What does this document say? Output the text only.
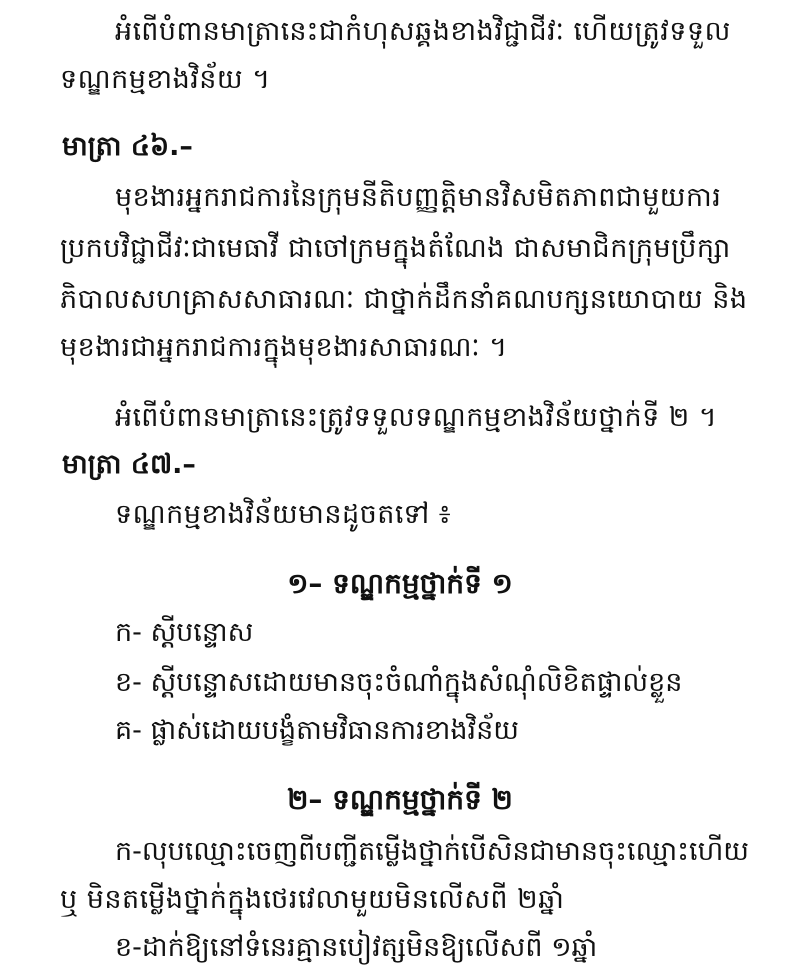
អំពើបំពានមាត្រានេះជាកំហុសឆ្គងខាងវិជ្ជាជីវៈ ហើយត្រូវទទួល
ទណ្ឌកម្មខាងវិន័យ ។
មាត្រា ៤៦.–
មុខងារអ្នករាជការនៃក្រុមនីតិបញ្ញត្តិមានវិសមិតភាពជាមួយការ
ប្រកបវិជ្ជាជីវៈជាមេធាវី ជាចៅក្រមក្នុងតំណែង ជាសមាជិកក្រុមប្រឹក្សា
ភិបាលសហគ្រាសសាធារណៈ ជាថ្នាក់ដឹកនាំគណបក្សនយោបាយ និង
មុខងារជាអ្នករាជការក្នុងមុខងារសាធារណៈ ។
អំពើបំពានមាត្រានេះត្រូវទទួលទណ្ឌកម្មខាងវិន័យថ្នាក់ទី ២ ។
មាត្រា ៤៧.–
ទណ្ឌកម្មខាងវិន័យមានដូចតទៅ ៖
១– ទណ្ឌកម្មថ្នាក់ទី ១
ក- ស្តីបន្ទោស
ខ- ស្តីបន្ទោសដោយមានចុះចំណាំក្នុងសំណុំលិខិតផ្ទាល់ខ្លួន
គ- ផ្លាស់ដោយបង្ខំតាមវិធានការខាងវិន័យ
២– ទណ្ឌកម្មថ្នាក់ទី ២
ក-លុបឈ្មោះចេញពីបញ្ជីតម្លើងថ្នាក់បើសិនជាមានចុះឈ្មោះហើយ
ឬ មិនតម្លើងថ្នាក់ក្នុងថេរវេលាមួយមិនលើសពី ២ឆ្នាំ
ខ-ដាក់ឱ្យនៅទំនេរគ្មានបៀវត្សមិនឱ្យលើសពី ១ឆ្នាំ
